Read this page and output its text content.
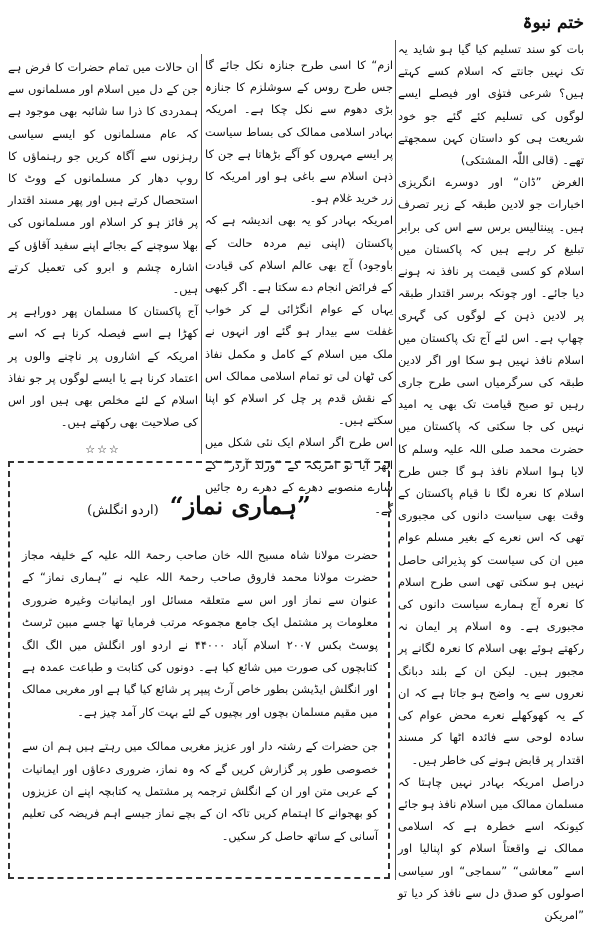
ختم نبوۃ

بات کو سند تسلیم کیا گیا ہو شاید یہ تک نہیں جانتے کہ اسلام کسے کہتے ہیں؟ شرعی فتوٰی اور فیصلے ایسے لوگوں کی تسلیم کئے گئے جو خود شریعت ہی کو داستان کہن سمجھتے تھے۔ (قالی اللّٰہ المشتکی)

الغرض ”ڈان“ اور دوسرے انگریزی اخبارات جو لادین طبقہ کے زیر تصرف ہیں۔ پینتالیس برس سے اس کی برابر تبلیغ کر رہے ہیں کہ پاکستان میں اسلام کو کسی قیمت پر نافذ نہ ہونے دیا جائے۔ اور چونکہ برسر اقتدار طبقہ پر لادین ذہن کے لوگوں کی گہری چھاپ ہے۔ اس لئے آج تک پاکستان میں اسلام نافذ نہیں ہو سکا اور اگر لادین طبقہ کی سرگرمیاں اسی طرح جاری رہیں تو صبح قیامت تک بھی یہ امید نہیں کی جا سکتی کہ پاکستان میں حضرت محمد صلی اللہ علیہ وسلم کا لایا ہوا اسلام نافذ ہو گا جس طرح اسلام کا نعرہ لگا نا قیام پاکستان کے وقت بھی سیاست دانوں کی مجبوری تھی کہ اس نعرے کے بغیر مسلم عوام میں ان کی سیاست کو پذیرائی حاصل نہیں ہو سکتی تھی اسی طرح اسلام کا نعرہ آج ہمارے سیاست دانوں کی مجبوری ہے۔ وہ اسلام پر ایمان نہ رکھتے ہوئے بھی اسلام کا نعرہ لگانے پر مجبور ہیں۔ لیکن ان کے بلند دبانگ نعروں سے یہ واضح ہو جاتا ہے کہ ان کے یہ کھوکھلے نعرے محض عوام کی سادہ لوحی سے فائدہ اٹھا کر مسند اقتدار پر قابض ہونے کی خاطر ہیں۔

دراصل امریکہ بہادر نہیں چاہتا کہ مسلمان ممالک میں اسلام نافذ ہو جائے کیونکہ اسے خطرہ ہے کہ اسلامی ممالک نے واقعتاً اسلام کو اپنالیا اور اسے ”معاشی“ ”سماجی“ اور سیاسی اصولوں کو صدق دل سے نافذ کر دیا تو ”امریکن

ازم“ کا اسی طرح جنازہ نکل جائے گا جس طرح روس کے سوشلزم کا جنازہ بڑی دھوم سے نکل چکا ہے۔ امریکہ بہادر اسلامی ممالک کی بساط سیاست پر ایسے مہروں کو آگے بڑھاتا ہے جن کا ذہن اسلام سے باغی ہو اور امریکہ کا زر خرید غلام ہو۔

امریکہ بہادر کو یہ بھی اندیشہ ہے کہ پاکستان (اپنی نیم مردہ حالت کے باوجود) آج بھی عالم اسلام کی قیادت کے فرائض انجام دے سکتا ہے۔ اگر کبھی یہاں کے عوام انگڑائی لے کر خواب غفلت سے بیدار ہو گئے اور انہوں نے ملک میں اسلام کے کامل و مکمل نفاذ کی ٹھان لی تو تمام اسلامی ممالک اس کے نقش قدم پر چل کر اسلام کو اپنا سکتے ہیں۔

اس طرح اگر اسلام ایک نئی شکل میں ابھر آیا تو امریکہ کے ”ورلڈ آرڈر“ کے سارے منصوبے دھرے کے دھرے رہ جائیں گے۔

ان حالات میں تمام حضرات کا فرض ہے جن کے دل میں اسلام اور مسلمانوں سے ہمدردی کا ذرا سا شائبہ بھی موجود ہے کہ عام مسلمانوں کو ایسے سیاسی رہزنوں سے آگاہ کریں جو رہنماؤں کا روپ دھار کر مسلمانوں کے ووٹ کا استحصال کرتے ہیں اور پھر مسند اقتدار پر فائز ہو کر اسلام اور مسلمانوں کی بھلا سوچنے کے بجائے اپنے سفید آقاؤں کے اشارہ چشم و ابرو کی تعمیل کرتے ہیں۔

آج پاکستان کا مسلمان پھر دوراہے پر کھڑا ہے اسے فیصلہ کرنا ہے کہ اسے امریکہ کے اشاروں پر ناچنے والوں پر اعتماد کرنا ہے یا ایسے لوگوں پر جو نفاذ اسلام کے لئے مخلص بھی ہیں اور اس کی صلاحیت بھی رکھتے ہیں۔

☆☆☆
”ہماری نماز“ (اردو انگلش)

حضرت مولانا شاہ مسیح اللہ خان صاحب رحمۃ اللہ علیہ کے خلیفہ مجاز حضرت مولانا محمد فاروق صاحب رحمۃ اللہ علیہ نے ”ہماری نماز“ کے عنوان سے نماز اور اس سے متعلقہ مسائل اور ایمانیات وغیرہ ضروری معلومات پر مشتمل ایک جامع مجموعہ مرتب فرمایا تھا جسے مبین ٹرسٹ پوسٹ بکس ۲۰۰۷ اسلام آباد ۴۴۰۰۰ نے اردو اور انگلش میں الگ الگ کتابچوں کی صورت میں شائع کیا ہے۔ دونوں کی کتابت و طباعت عمدہ ہے اور انگلش ایڈیشن بطور خاص آرٹ پیپر پر شائع کیا گیا ہے اور مغربی ممالک میں مقیم مسلمان بچوں اور بچیوں کے لئے بہت کار آمد چیز ہے۔

جن حضرات کے رشتہ دار اور عزیز مغربی ممالک میں رہتے ہیں ہم ان سے خصوصی طور پر گزارش کریں گے کہ وہ نماز، ضروری دعاؤں اور ایمانیات کے عربی متن اور ان کے انگلش ترجمہ پر مشتمل یہ کتابچہ اپنے ان عزیزوں کو بھجوانے کا اہتمام کریں تاکہ ان کے بچے نماز جیسے اہم فریضہ کی تعلیم آسانی کے ساتھ حاصل کر سکیں۔
